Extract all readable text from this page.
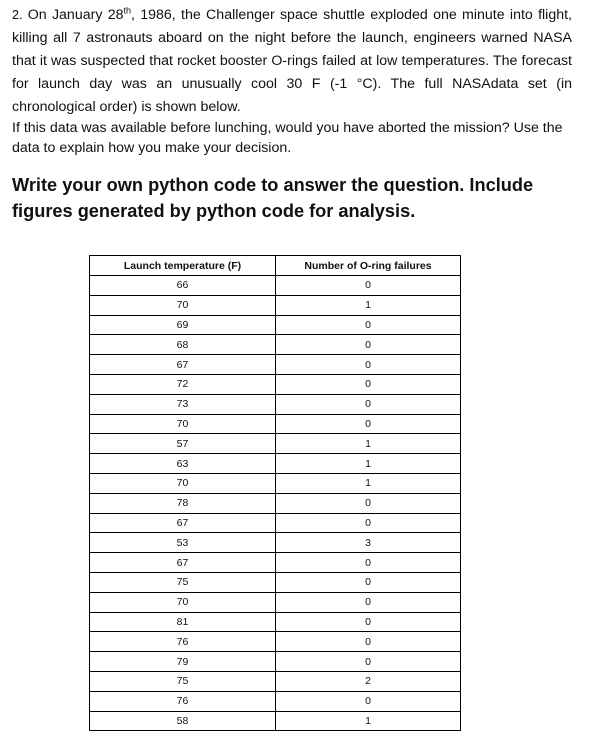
2. On January 28th, 1986, the Challenger space shuttle exploded one minute into flight, killing all 7 astronauts aboard on the night before the launch, engineers warned NASA that it was suspected that rocket booster O-rings failed at low temperatures. The forecast for launch day was an unusually cool 30 F (-1 °C). The full NASAdata set (in chronological order) is shown below.
If this data was available before lunching, would you have aborted the mission? Use the data to explain how you make your decision.
Write your own python code to answer the question. Include figures generated by python code for analysis.
Launch temperature (F)	Number of O-ring failures
66	0
70	1
69	0
68	0
67	0
72	0
73	0
70	0
57	1
63	1
70	1
78	0
67	0
53	3
67	0
75	0
70	0
81	0
76	0
79	0
75	2
76	0
58	1
